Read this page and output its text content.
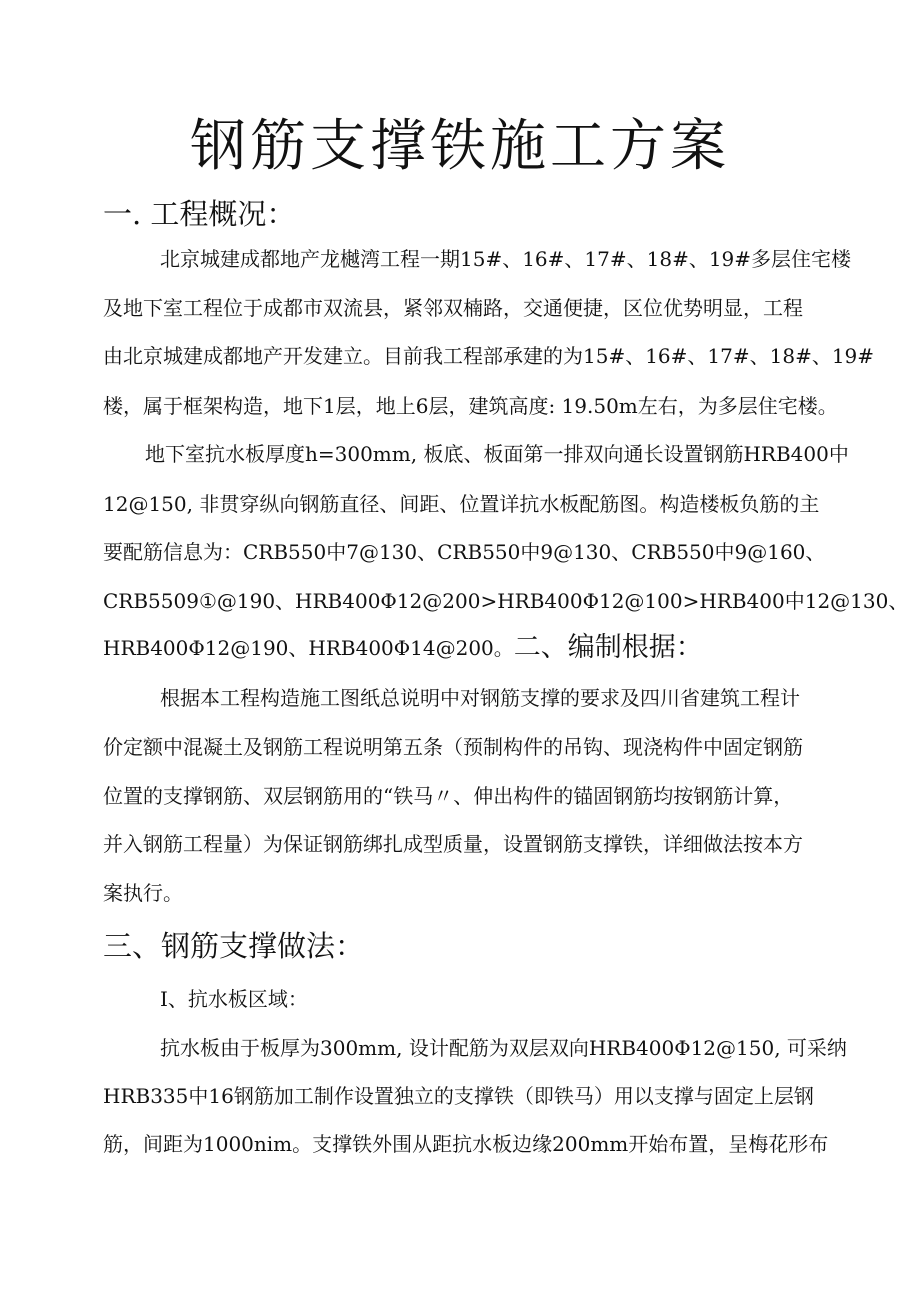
钢筋支撑铁施工方案
一. 工程概况：

北京城建成都地产龙樾湾工程一期15#、16#、17#、18#、19#多层住宅楼

及地下室工程位于成都市双流县，紧邻双楠路，交通便捷，区位优势明显，工程

由北京城建成都地产开发建立。目前我工程部承建的为15#、16#、17#、18#、19#

楼，属于框架构造，地下1层，地上6层，建筑高度: 19.50m左右，为多层住宅楼。

地下室抗水板厚度h=300mm, 板底、板面第一排双向通长设置钢筋HRB400中

12@150, 非贯穿纵向钢筋直径、间距、位置详抗水板配筋图。构造楼板负筋的主

要配筋信息为：CRB550中7@130、CRB550中9@130、CRB550中9@160、

CRB5509①@190、HRB400Φ12@200>HRB400Φ12@100>HRB400中12@130、

HRB400Φ12@190、HRB400Φ14@200。二、编制根据：

根据本工程构造施工图纸总说明中对钢筋支撑的要求及四川省建筑工程计

价定额中混凝土及钢筋工程说明第五条（预制构件的吊钩、现浇构件中固定钢筋

位置的支撑钢筋、双层钢筋用的“铁马〃、伸出构件的锚固钢筋均按钢筋计算，

并入钢筋工程量）为保证钢筋绑扎成型质量，设置钢筋支撑铁，详细做法按本方

案执行。

三、钢筋支撑做法：

I、抗水板区域：

抗水板由于板厚为300mm, 设计配筋为双层双向HRB400Φ12@150, 可采纳

HRB335中16钢筋加工制作设置独立的支撑铁（即铁马）用以支撑与固定上层钢

筋，间距为1000nim。支撑铁外围从距抗水板边缘200mm开始布置，呈梅花形布
